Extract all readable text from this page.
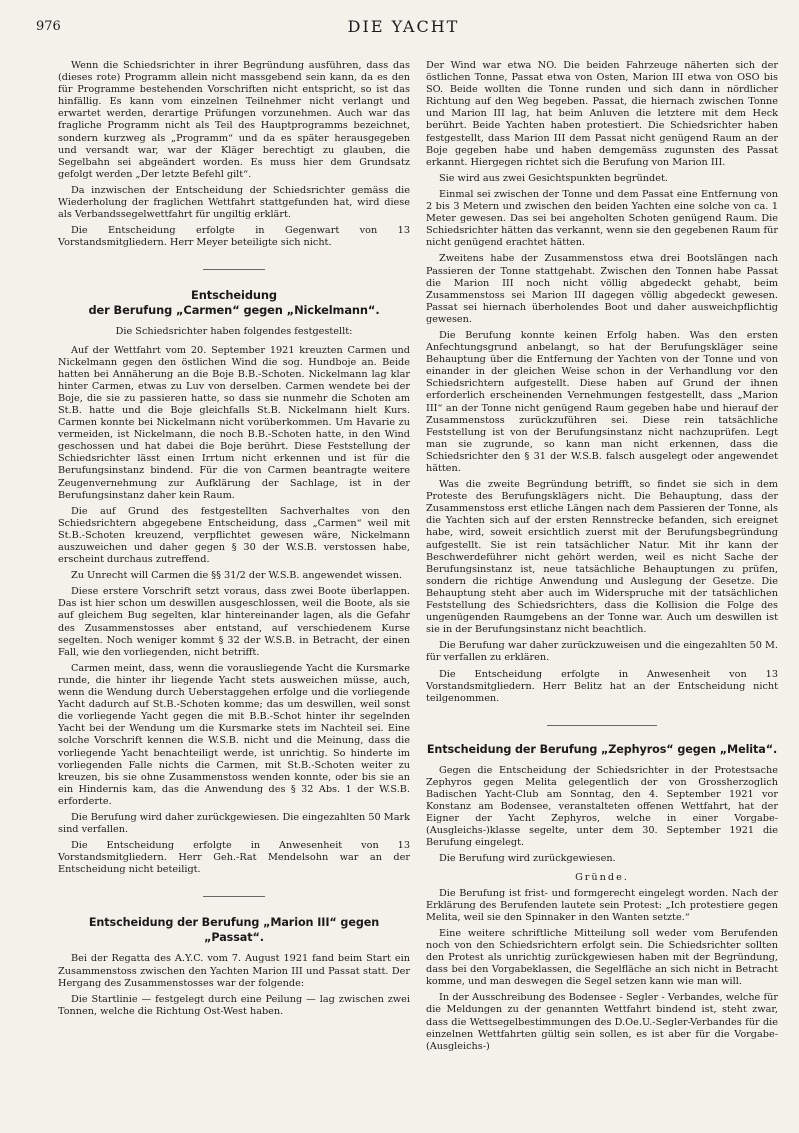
976	DIE YACHT

Wenn die Schiedsrichter in ihrer Begründung ausführen, dass das (dieses rote) Programm allein nicht massgebend sein kann, da es den für Programme bestehenden Vorschriften nicht entspricht, so ist das hinfällig. Es kann vom einzelnen Teilnehmer nicht verlangt und erwartet werden, derartige Prüfungen vorzunehmen. Auch war das fragliche Programm nicht als Teil des Hauptprogramms bezeichnet, sondern kurzweg als „Programm“ und da es später herausgegeben und versandt war, war der Kläger berechtigt zu glauben, die Segelbahn sei abgeändert worden. Es muss hier dem Grundsatz gefolgt werden „Der letzte Befehl gilt“.

Da inzwischen der Entscheidung der Schiedsrichter gemäss die Wiederholung der fraglichen Wettfahrt stattgefunden hat, wird diese als Verbandssegelwettfahrt für ungiltig erklärt.

Die Entscheidung erfolgte in Gegenwart von 13 Vorstandsmitgliedern. Herr Meyer beteiligte sich nicht.

Entscheidung
der Berufung „Carmen“ gegen „Nickelmann“.

Die Schiedsrichter haben folgendes festgestellt:

Auf der Wettfahrt vom 20. September 1921 kreuzten Carmen und Nickelmann gegen den östlichen Wind die sog. Hundboje an. Beide hatten bei Annäherung an die Boje B.B.-Schoten. Nickelmann lag klar hinter Carmen, etwas zu Luv von derselben. Carmen wendete bei der Boje, die sie zu passieren hatte, so dass sie nunmehr die Schoten am St.B. hatte und die Boje gleichfalls St.B. Nickelmann hielt Kurs. Carmen konnte bei Nickelmann nicht vorüberkommen. Um Havarie zu vermeiden, ist Nickelmann, die noch B.B.-Schoten hatte, in den Wind geschossen und hat dabei die Boje berührt. Diese Feststellung der Schiedsrichter lässt einen Irrtum nicht erkennen und ist für die Berufungsinstanz bindend. Für die von Carmen beantragte weitere Zeugenvernehmung zur Aufklärung der Sachlage, ist in der Berufungsinstanz daher kein Raum.

Die auf Grund des festgestellten Sachverhaltes von den Schiedsrichtern abgegebene Entscheidung, dass „Carmen“ weil mit St.B.-Schoten kreuzend, verpflichtet gewesen wäre, Nickelmann auszuweichen und daher gegen § 30 der W.S.B. verstossen habe, erscheint durchaus zutreffend.

Zu Unrecht will Carmen die §§ 31/2 der W.S.B. angewendet wissen.

Diese erstere Vorschrift setzt voraus, dass zwei Boote überlappen. Das ist hier schon um deswillen ausgeschlossen, weil die Boote, als sie auf gleichem Bug segelten, klar hintereinander lagen, als die Gefahr des Zusammenstosses aber entstand, auf verschiedenem Kurse segelten. Noch weniger kommt § 32 der W.S.B. in Betracht, der einen Fall, wie den vorliegenden, nicht betrifft.

Carmen meint, dass, wenn die vorausliegende Yacht die Kursmarke runde, die hinter ihr liegende Yacht stets ausweichen müsse, auch, wenn die Wendung durch Ueberstaggehen erfolge und die vorliegende Yacht dadurch auf St.B.-Schoten komme; das um deswillen, weil sonst die vorliegende Yacht gegen die mit B.B.-Schot hinter ihr segelnden Yacht bei der Wendung um die Kursmarke stets im Nachteil sei. Eine solche Vorschrift kennen die W.S.B. nicht und die Meinung, dass die vorliegende Yacht benachteiligt werde, ist unrichtig. So hinderte im vorliegenden Falle nichts die Carmen, mit St.B.-Schoten weiter zu kreuzen, bis sie ohne Zusammenstoss wenden konnte, oder bis sie an ein Hindernis kam, das die Anwendung des § 32 Abs. 1 der W.S.B. erforderte.

Die Berufung wird daher zurückgewiesen. Die eingezahlten 50 Mark sind verfallen.

Die Entscheidung erfolgte in Anwesenheit von 13 Vorstandsmitgliedern. Herr Geh.-Rat Mendelsohn war an der Entscheidung nicht beteiligt.

Entscheidung der Berufung „Marion III“ gegen „Passat“.

Bei der Regatta des A.Y.C. vom 7. August 1921 fand beim Start ein Zusammenstoss zwischen den Yachten Marion III und Passat statt. Der Hergang des Zusammenstosses war der folgende:

Die Startlinie — festgelegt durch eine Peilung — lag zwischen zwei Tonnen, welche die Richtung Ost-West haben.

Der Wind war etwa NO. Die beiden Fahrzeuge näherten sich der östlichen Tonne, Passat etwa von Osten, Marion III etwa von OSO bis SO. Beide wollten die Tonne runden und sich dann in nördlicher Richtung auf den Weg begeben. Passat, die hiernach zwischen Tonne und Marion III lag, hat beim Anluven die letztere mit dem Heck berührt. Beide Yachten haben protestiert. Die Schiedsrichter haben festgestellt, dass Marion III dem Passat nicht genügend Raum an der Boje gegeben habe und haben demgemäss zugunsten des Passat erkannt. Hiergegen richtet sich die Berufung von Marion III.

Sie wird aus zwei Gesichtspunkten begründet.

Einmal sei zwischen der Tonne und dem Passat eine Entfernung von 2 bis 3 Metern und zwischen den beiden Yachten eine solche von ca. 1 Meter gewesen. Das sei bei angeholten Schoten genügend Raum. Die Schiedsrichter hätten das verkannt, wenn sie den gegebenen Raum für nicht genügend erachtet hätten.

Zweitens habe der Zusammenstoss etwa drei Bootslängen nach Passieren der Tonne stattgehabt. Zwischen den Tonnen habe Passat die Marion III noch nicht völlig abgedeckt gehabt, beim Zusammenstoss sei Marion III dagegen völlig abgedeckt gewesen. Passat sei hiernach überholendes Boot und daher ausweichpflichtig gewesen.

Die Berufung konnte keinen Erfolg haben. Was den ersten Anfechtungsgrund anbelangt, so hat der Berufungskläger seine Behauptung über die Entfernung der Yachten von der Tonne und von einander in der gleichen Weise schon in der Verhandlung vor den Schiedsrichtern aufgestellt. Diese haben auf Grund der ihnen erforderlich erscheinenden Vernehmungen festgestellt, dass „Marion III“ an der Tonne nicht genügend Raum gegeben habe und hierauf der Zusammenstoss zurückzuführen sei. Diese rein tatsächliche Feststellung ist von der Berufungsinstanz nicht nachzuprüfen. Legt man sie zugrunde, so kann man nicht erkennen, dass die Schiedsrichter den § 31 der W.S.B. falsch ausgelegt oder angewendet hätten.

Was die zweite Begründung betrifft, so findet sie sich in dem Proteste des Berufungsklägers nicht. Die Behauptung, dass der Zusammenstoss erst etliche Längen nach dem Passieren der Tonne, als die Yachten sich auf der ersten Rennstrecke befanden, sich ereignet habe, wird, soweit ersichtlich zuerst mit der Berufungsbegründung aufgestellt. Sie ist rein tatsächlicher Natur. Mit ihr kann der Beschwerdeführer nicht gehört werden, weil es nicht Sache der Berufungsinstanz ist, neue tatsächliche Behauptungen zu prüfen, sondern die richtige Anwendung und Auslegung der Gesetze. Die Behauptung steht aber auch im Widerspruche mit der tatsächlichen Feststellung des Schiedsrichters, dass die Kollision die Folge des ungenügenden Raumgebens an der Tonne war. Auch um deswillen ist sie in der Berufungsinstanz nicht beachtlich.

Die Berufung war daher zurückzuweisen und die eingezahlten 50 M. für verfallen zu erklären.

Die Entscheidung erfolgte in Anwesenheit von 13 Vorstandsmitgliedern. Herr Belitz hat an der Entscheidung nicht teilgenommen.

Entscheidung der Berufung „Zephyros“ gegen „Melita“.

Gegen die Entscheidung der Schiedsrichter in der Protestsache Zephyros gegen Melita gelegentlich der von Grossherzoglich Badischen Yacht-Club am Sonntag, den 4. September 1921 vor Konstanz am Bodensee, veranstalteten offenen Wettfahrt, hat der Eigner der Yacht Zephyros, welche in einer Vorgabe-(Ausgleichs-)klasse segelte, unter dem 30. September 1921 die Berufung eingelegt.

Die Berufung wird zurückgewiesen.

Gründe.

Die Berufung ist frist- und formgerecht eingelegt worden. Nach der Erklärung des Berufenden lautete sein Protest: „Ich protestiere gegen Melita, weil sie den Spinnaker in den Wanten setzte.“

Eine weitere schriftliche Mitteilung soll weder vom Berufenden noch von den Schiedsrichtern erfolgt sein. Die Schiedsrichter sollten den Protest als unrichtig zurückgewiesen haben mit der Begründung, dass bei den Vorgabeklassen, die Segelfläche an sich nicht in Betracht komme, und man deswegen die Segel setzen kann wie man will.

In der Ausschreibung des Bodensee - Segler - Verbandes, welche für die Meldungen zu der genannten Wettfahrt bindend ist, steht zwar, dass die Wettsegelbestimmungen des D.Oe.U.-Segler-Verbandes für die einzelnen Wettfahrten gültig sein sollen, es ist aber für die Vorgabe-(Ausgleichs-)
